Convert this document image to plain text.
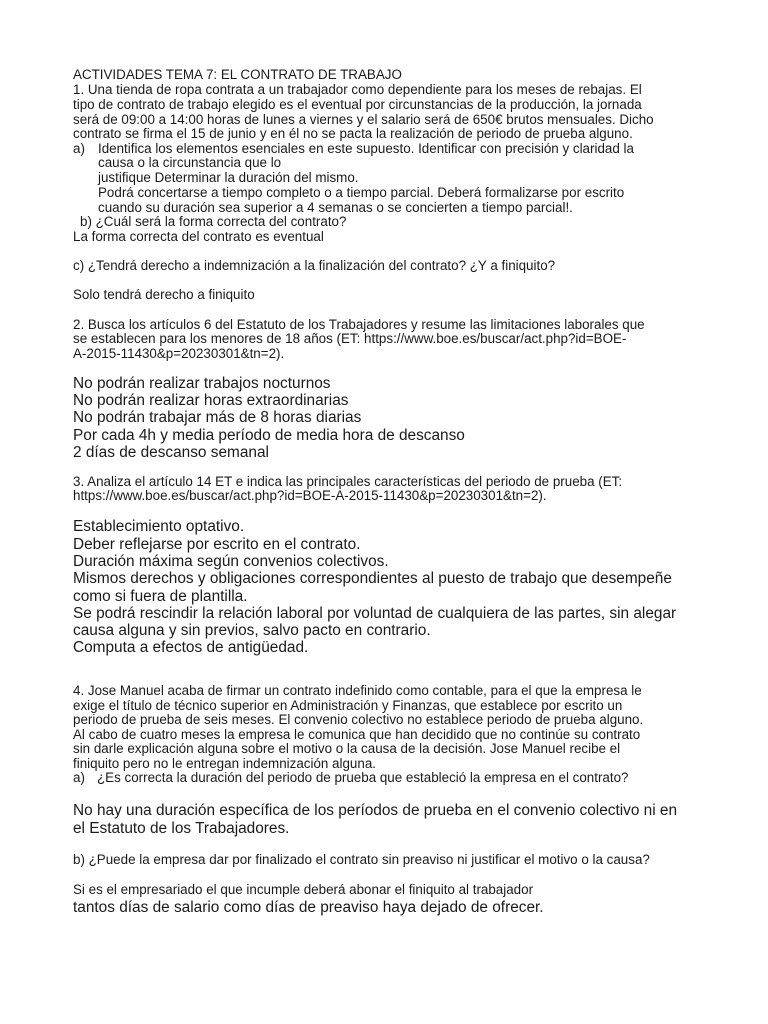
ACTIVIDADES TEMA 7: EL CONTRATO DE TRABAJO
1. Una tienda de ropa contrata a un trabajador como dependiente para los meses de rebajas. El
tipo de contrato de trabajo elegido es el eventual por circunstancias de la producción, la jornada
será de 09:00 a 14:00 horas de lunes a viernes y el salario será de 650€ brutos mensuales. Dicho
contrato se firma el 15 de junio y en él no se pacta la realización de periodo de prueba alguno.
a) Identifica los elementos esenciales en este supuesto. Identificar con precisión y claridad la
causa o la circunstancia que lo
justifique Determinar la duración del mismo.
Podrá concertarse a tiempo completo o a tiempo parcial. Deberá formalizarse por escrito
cuando su duración sea superior a 4 semanas o se concierten a tiempo parcial!.
b) ¿Cuál será la forma correcta del contrato?
La forma correcta del contrato es eventual
c) ¿Tendrá derecho a indemnización a la finalización del contrato? ¿Y a finiquito?
Solo tendrá derecho a finiquito
2. Busca los artículos 6 del Estatuto de los Trabajadores y resume las limitaciones laborales que
se establecen para los menores de 18 años (ET: https://www.boe.es/buscar/act.php?id=BOE-
A-2015-11430&p=20230301&tn=2).
No podrán realizar trabajos nocturnos
No podrán realizar horas extraordinarias
No podrán trabajar más de 8 horas diarias
Por cada 4h y media período de media hora de descanso
2 días de descanso semanal
3. Analiza el artículo 14 ET e indica las principales características del periodo de prueba (ET:
https://www.boe.es/buscar/act.php?id=BOE-A-2015-11430&p=20230301&tn=2).
Establecimiento optativo.
Deber reflejarse por escrito en el contrato.
Duración máxima según convenios colectivos.
Mismos derechos y obligaciones correspondientes al puesto de trabajo que desempeñe
como si fuera de plantilla.
Se podrá rescindir la relación laboral por voluntad de cualquiera de las partes, sin alegar
causa alguna y sin previos, salvo pacto en contrario.
Computa a efectos de antigüedad.
4. Jose Manuel acaba de firmar un contrato indefinido como contable, para el que la empresa le
exige el título de técnico superior en Administración y Finanzas, que establece por escrito un
periodo de prueba de seis meses. El convenio colectivo no establece periodo de prueba alguno.
Al cabo de cuatro meses la empresa le comunica que han decidido que no continúe su contrato
sin darle explicación alguna sobre el motivo o la causa de la decisión. Jose Manuel recibe el
finiquito pero no le entregan indemnización alguna.
a) ¿Es correcta la duración del periodo de prueba que estableció la empresa en el contrato?
No hay una duración específica de los períodos de prueba en el convenio colectivo ni en
el Estatuto de los Trabajadores.
b) ¿Puede la empresa dar por finalizado el contrato sin preaviso ni justificar el motivo o la causa?
Si es el empresariado el que incumple deberá abonar el finiquito al trabajador
tantos días de salario como días de preaviso haya dejado de ofrecer.
